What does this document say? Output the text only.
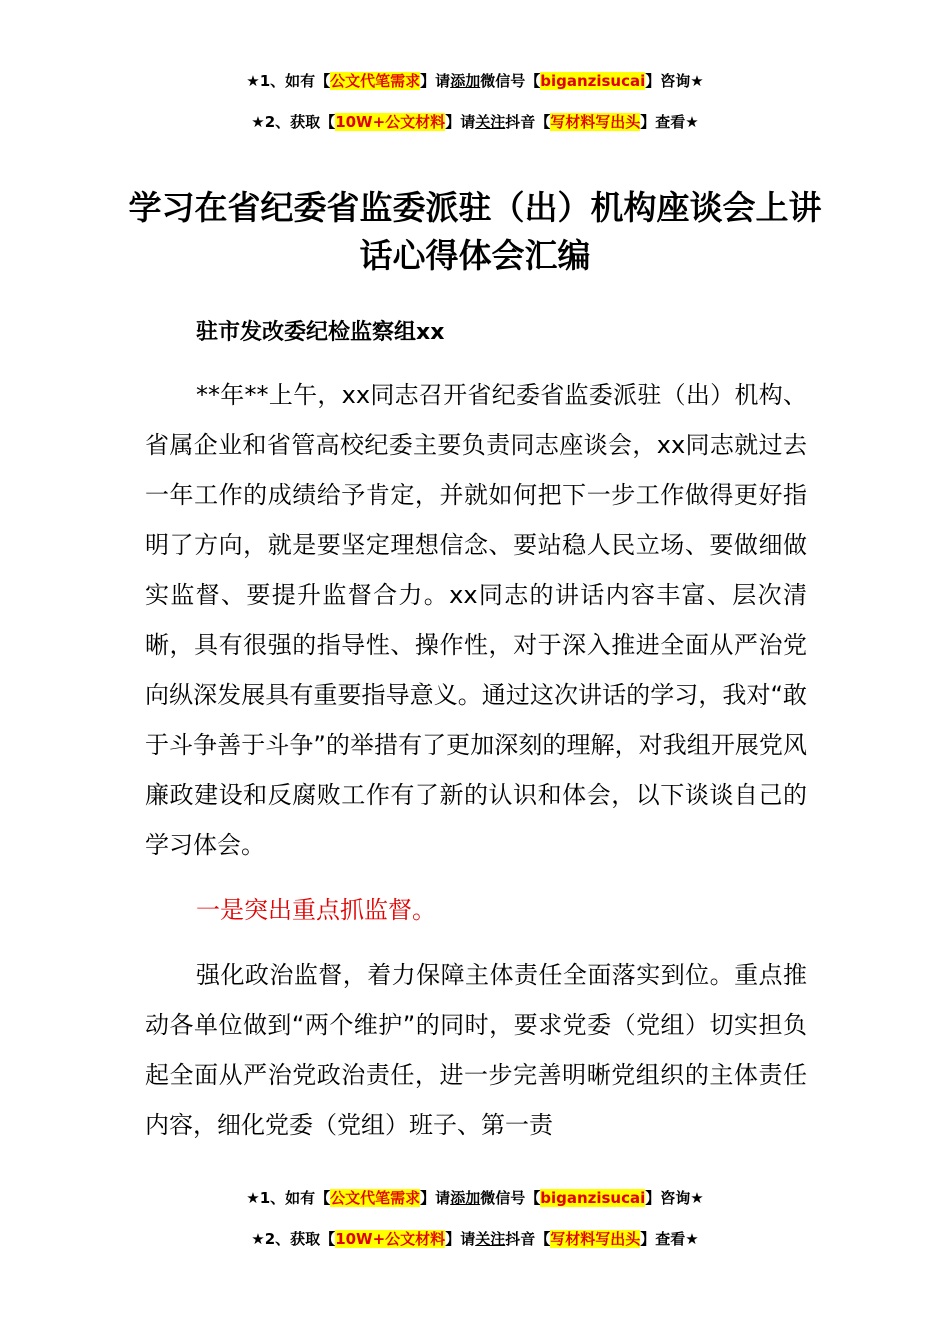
★1、如有【公文代笔需求】请添加微信号【biganzisucai】咨询★
★2、获取【10W+公文材料】请关注抖音【写材料写出头】查看★
学习在省纪委省监委派驻（出）机构座谈会上讲话心得体会汇编

驻市发改委纪检监察组xx

**年**上午，xx同志召开省纪委省监委派驻（出）机构、省属企业和省管高校纪委主要负责同志座谈会，xx同志就过去一年工作的成绩给予肯定，并就如何把下一步工作做得更好指明了方向，就是要坚定理想信念、要站稳人民立场、要做细做实监督、要提升监督合力。xx同志的讲话内容丰富、层次清晰，具有很强的指导性、操作性，对于深入推进全面从严治党向纵深发展具有重要指导意义。通过这次讲话的学习，我对“敢于斗争善于斗争”的举措有了更加深刻的理解，对我组开展党风廉政建设和反腐败工作有了新的认识和体会，以下谈谈自己的学习体会。

一是突出重点抓监督。

强化政治监督，着力保障主体责任全面落实到位。重点推动各单位做到“两个维护”的同时，要求党委（党组）切实担负起全面从严治党政治责任，进一步完善明晰党组织的主体责任内容，细化党委（党组）班子、第一责

★1、如有【公文代笔需求】请添加微信号【biganzisucai】咨询★
★2、获取【10W+公文材料】请关注抖音【写材料写出头】查看★
